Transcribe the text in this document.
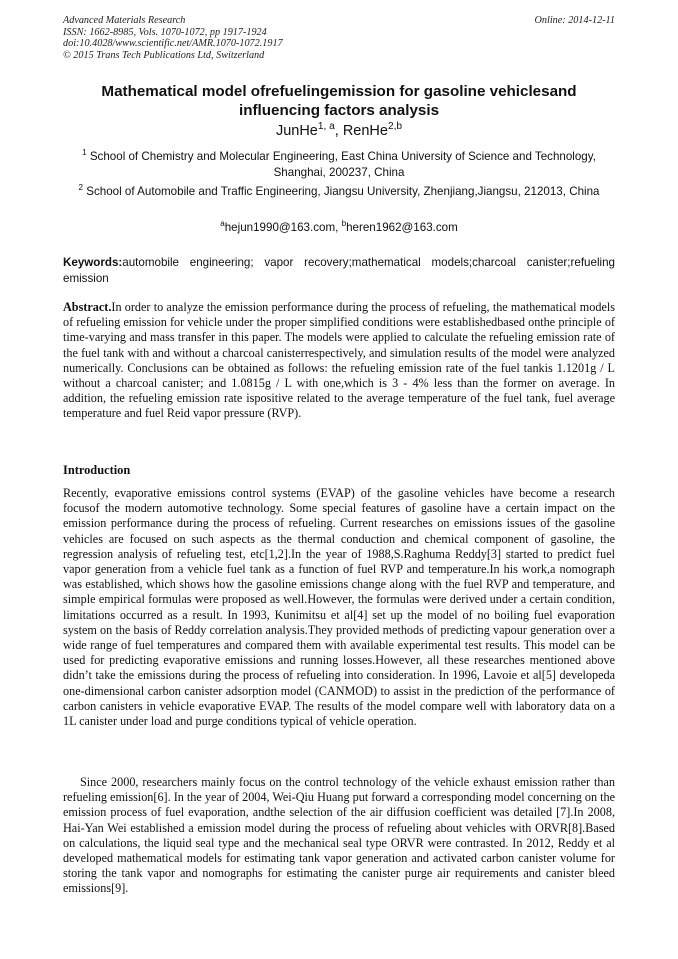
Advanced Materials Research
ISSN: 1662-8985, Vols. 1070-1072, pp 1917-1924
doi:10.4028/www.scientific.net/AMR.1070-1072.1917
© 2015 Trans Tech Publications Ltd, Switzerland
Online: 2014-12-11
Mathematical model ofrefuelingemission for gasoline vehiclesand
influencing factors analysis
JunHe$^{1, a}$, RenHe$^{2,b}$
$^1$ School of Chemistry and Molecular Engineering, East China University of Science and Technology, Shanghai, 200237, China
$^2$ School of Automobile and Traffic Engineering, Jiangsu University, Zhenjiang,Jiangsu, 212013, China
$^a$hejun1990@163.com, $^b$heren1962@163.com
Keywords:automobile engineering; vapor recovery;mathematical models;charcoal canister;refueling emission
Abstract.In order to analyze the emission performance during the process of refueling, the mathematical models of refueling emission for vehicle under the proper simplified conditions were establishedbased onthe principle of time-varying and mass transfer in this paper. The models were applied to calculate the refueling emission rate of the fuel tank with and without a charcoal canisterrespectively, and simulation results of the model were analyzed numerically. Conclusions can be obtained as follows: the refueling emission rate of the fuel tankis 1.1201g / L without a charcoal canister; and 1.0815g / L with one,which is 3 - 4% less than the former on average. In addition, the refueling emission rate ispositive related to the average temperature of the fuel tank, fuel average temperature and fuel Reid vapor pressure (RVP).
Introduction

Recently, evaporative emissions control systems (EVAP) of the gasoline vehicles have become a research focusof the modern automotive technology. Some special features of gasoline have a certain impact on the emission performance during the process of refueling. Current researches on emissions issues of the gasoline vehicles are focused on such aspects as the thermal conduction and chemical component of gasoline, the regression analysis of refueling test, etc[1,2].In the year of 1988,S.Raghuma Reddy[3] started to predict fuel vapor generation from a vehicle fuel tank as a function of fuel RVP and temperature.In his work,a nomograph was established, which shows how the gasoline emissions change along with the fuel RVP and temperature, and simple empirical formulas were proposed as well.However, the formulas were derived under a certain condition, limitations occurred as a result. In 1993, Kunimitsu et al[4] set up the model of no boiling fuel evaporation system on the basis of Reddy correlation analysis.They provided methods of predicting vapour generation over a wide range of fuel temperatures and compared them with available experimental test results. This model can be used for predicting evaporative emissions and running losses.However, all these researches mentioned above didn’t take the emissions during the process of refueling into consideration. In 1996, Lavoie et al[5] developeda one-dimensional carbon canister adsorption model (CANMOD) to assist in the prediction of the performance of carbon canisters in vehicle evaporative EVAP. The results of the model compare well with laboratory data on a 1L canister under load and purge conditions typical of vehicle operation.

Since 2000, researchers mainly focus on the control technology of the vehicle exhaust emission rather than refueling emission[6]. In the year of 2004, Wei-Qiu Huang put forward a corresponding model concerning on the emission process of fuel evaporation, andthe selection of the air diffusion coefficient was detailed [7].In 2008, Hai-Yan Wei established a emission model during the process of refueling about vehicles with ORVR[8].Based on calculations, the liquid seal type and the mechanical seal type ORVR were contrasted. In 2012, Reddy et al developed mathematical models for estimating tank vapor generation and activated carbon canister volume for storing the tank vapor and nomographs for estimating the canister purge air requirements and canister bleed emissions[9].
